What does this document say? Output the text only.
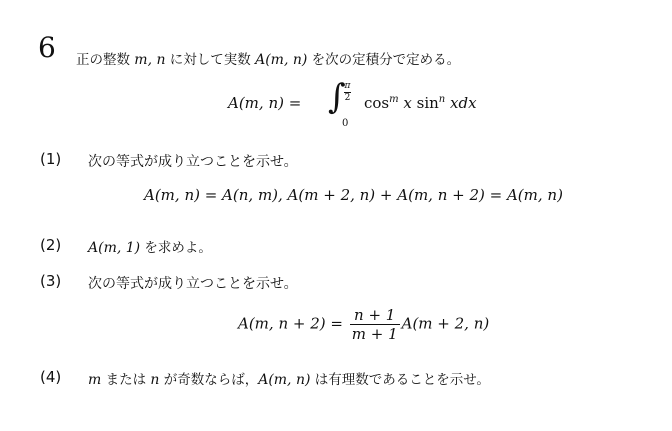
6 正の整数 m, n に対して実数 A(m, n) を次の定積分で定める。
A(m, n) = ∫
π
2
0
$\cos^m x$ $\sin^n$ xdx
(1) 次の等式が成り立つことを示せ。
A(m, n) = A(n, m), A(m + 2, n) + A(m, n + 2) = A(m, n)
(2) A(m, 1) を求めよ。
(3) 次の等式が成り立つことを示せ。
A(m, $n + 2) = \frac{n + 1}{m + 1} A(m + 2$, n)
(4) m または n が奇数ならば，A(m, n) は有理数であることを示せ。
